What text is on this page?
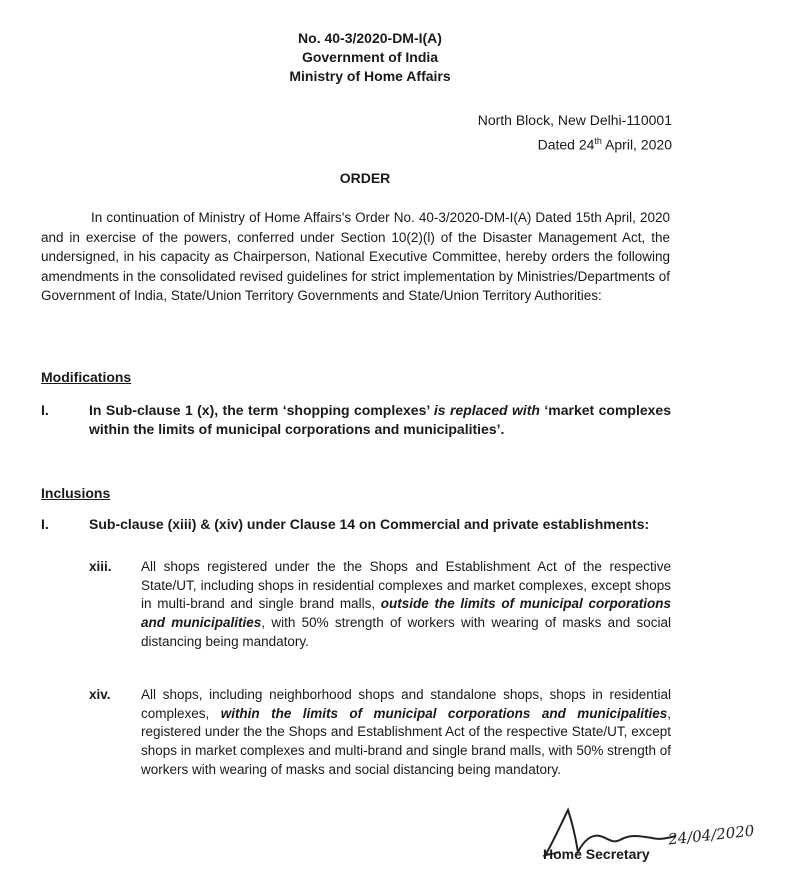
No. 40-3/2020-DM-I(A)
Government of India
Ministry of Home Affairs
North Block, New Delhi-110001
Dated 24th April, 2020
ORDER
In continuation of Ministry of Home Affairs's Order No. 40-3/2020-DM-I(A) Dated 15th April, 2020 and in exercise of the powers, conferred under Section 10(2)(l) of the Disaster Management Act, the undersigned, in his capacity as Chairperson, National Executive Committee, hereby orders the following amendments in the consolidated revised guidelines for strict implementation by Ministries/Departments of Government of India, State/Union Territory Governments and State/Union Territory Authorities:
Modifications
I.	In Sub-clause 1 (x), the term ‘shopping complexes’ is replaced with ‘market complexes within the limits of municipal corporations and municipalities’.
Inclusions
I.	Sub-clause (xiii) & (xiv) under Clause 14 on Commercial and private establishments:
xiii. All shops registered under the the Shops and Establishment Act of the respective State/UT, including shops in residential complexes and market complexes, except shops in multi-brand and single brand malls, outside the limits of municipal corporations and municipalities, with 50% strength of workers with wearing of masks and social distancing being mandatory.
xiv. All shops, including neighborhood shops and standalone shops, shops in residential complexes, within the limits of municipal corporations and municipalities, registered under the the Shops and Establishment Act of the respective State/UT, except shops in market complexes and multi-brand and single brand malls, with 50% strength of workers with wearing of masks and social distancing being mandatory.
Home Secretary
24/04/2020
